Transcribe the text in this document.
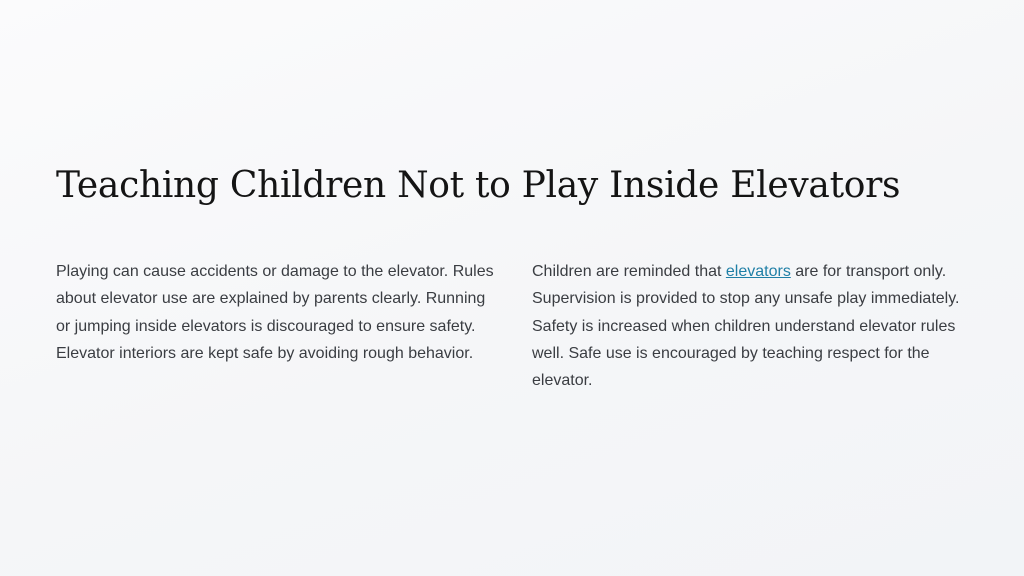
Teaching Children Not to Play Inside Elevators

Playing can cause accidents or damage to the elevator. Rules about elevator use are explained by parents clearly. Running or jumping inside elevators is discouraged to ensure safety. Elevator interiors are kept safe by avoiding rough behavior.

Children are reminded that elevators are for transport only. Supervision is provided to stop any unsafe play immediately. Safety is increased when children understand elevator rules well. Safe use is encouraged by teaching respect for the elevator.
